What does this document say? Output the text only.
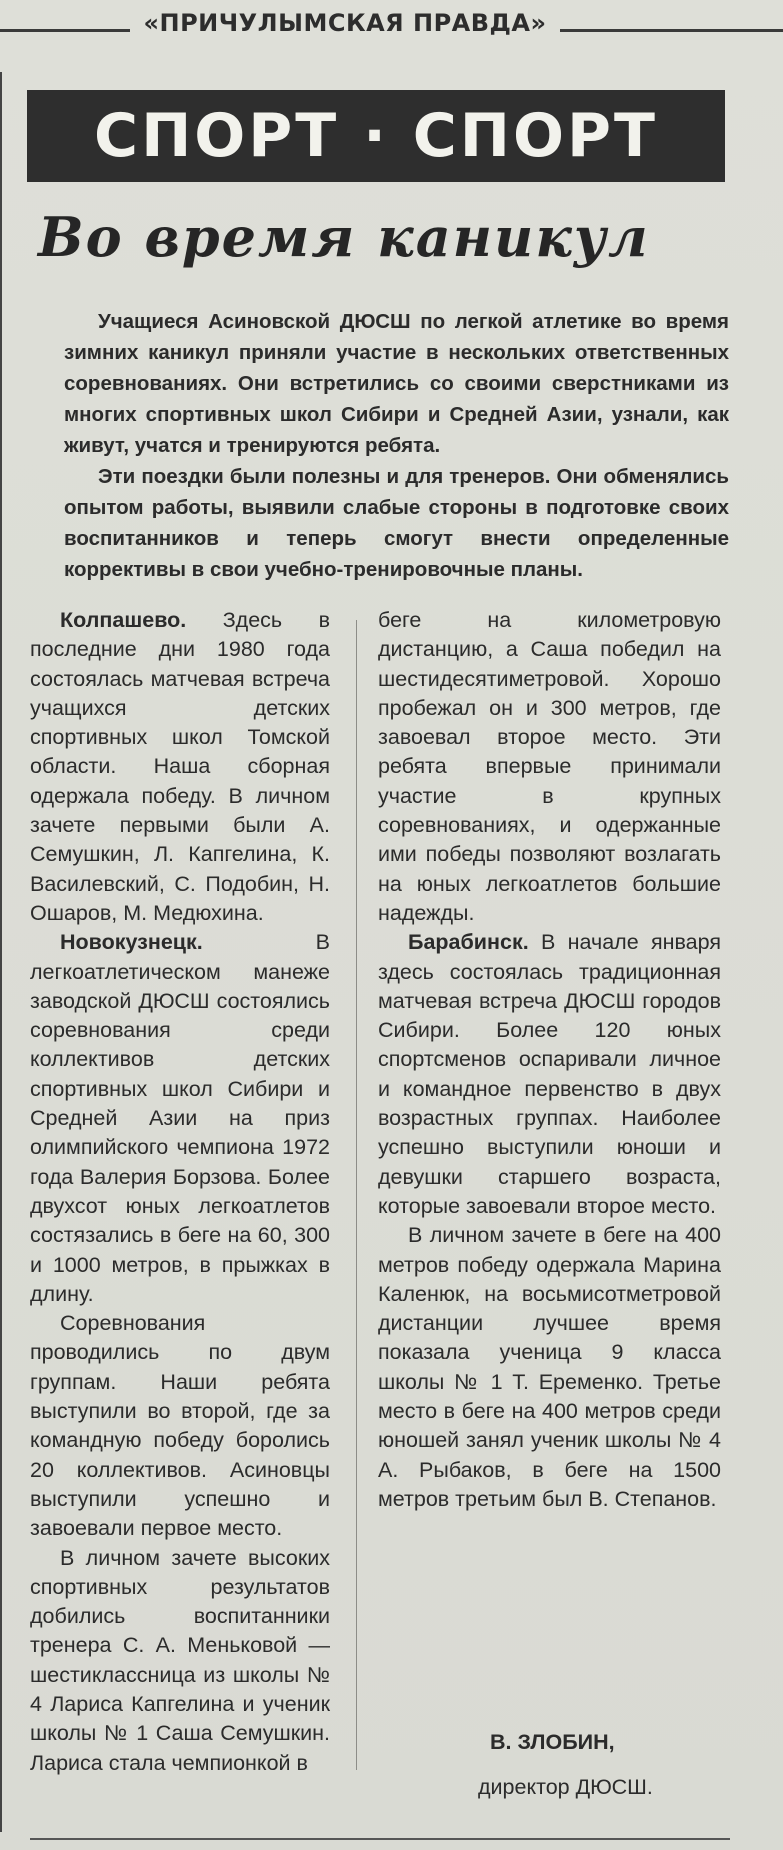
«ПРИЧУЛЫМСКАЯ ПРАВДА»
СПОРТ · СПОРТ
Во время каникул

Учащиеся Асиновской ДЮСШ по легкой атлетике во время зимних каникул приняли участие в нескольких ответственных соревнованиях. Они встретились со своими сверстниками из многих спортивных школ Сибири и Средней Азии, узнали, как живут, учатся и тренируются ребята.

Эти поездки были полезны и для тренеров. Они обменялись опытом работы, выявили слабые стороны в подготовке своих воспитанников и теперь смогут внести определенные коррективы в свои учебно-тренировочные планы.

Колпашево. Здесь в последние дни 1980 года состоялась матчевая встреча учащихся детских спортивных школ Томской области. Наша сборная одержала победу. В личном зачете первыми были А. Семушкин, Л. Капгелина, К. Василевский, С. Подобин, Н. Ошаров, М. Медюхина.

Новокузнецк. В легкоатлетическом манеже заводской ДЮСШ состоялись соревнования среди коллективов детских спортивных школ Сибири и Средней Азии на приз олимпийского чемпиона 1972 года Валерия Борзова. Более двухсот юных легкоатлетов состязались в беге на 60, 300 и 1000 метров, в прыжках в длину.

Соревнования проводились по двум группам. Наши ребята выступили во второй, где за командную победу боролись 20 коллективов. Асиновцы выступили успешно и завоевали первое место.

В личном зачете высоких спортивных результатов добились воспитанники тренера С. А. Меньковой — шестиклассница из школы № 4 Лариса Капгелина и ученик школы № 1 Саша Семушкин. Лариса стала чемпионкой в

беге на километровую дистанцию, а Саша победил на шестидесятиметровой. Хорошо пробежал он и 300 метров, где завоевал второе место. Эти ребята впервые принимали участие в крупных соревнованиях, и одержанные ими победы позволяют возлагать на юных легкоатлетов большие надежды.

Барабинск. В начале января здесь состоялась традиционная матчевая встреча ДЮСШ городов Сибири. Более 120 юных спортсменов оспаривали личное и командное первенство в двух возрастных группах. Наиболее успешно выступили юноши и девушки старшего возраста, которые завоевали второе место.

В личном зачете в беге на 400 метров победу одержала Марина Каленюк, на восьмисотметровой дистанции лучшее время показала ученица 9 класса школы № 1 Т. Еременко. Третье место в беге на 400 метров среди юношей занял ученик школы № 4 А. Рыбаков, в беге на 1500 метров третьим был В. Степанов.

В. ЗЛОБИН,
директор ДЮСШ.
